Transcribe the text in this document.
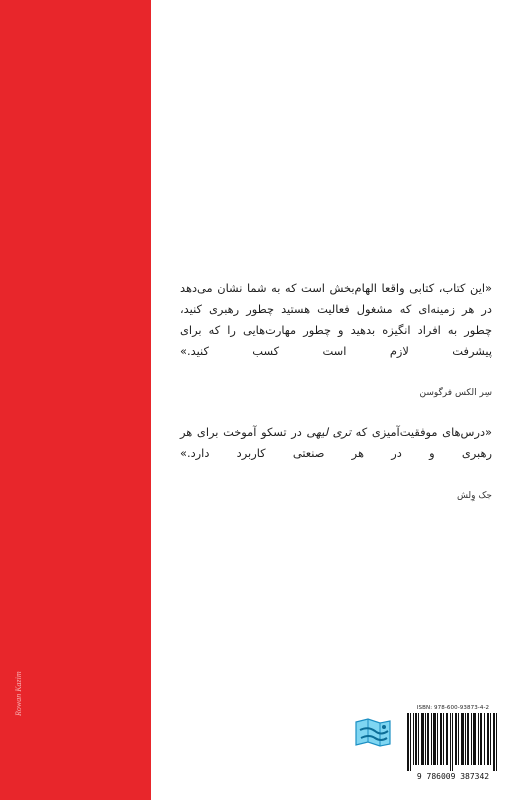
Rowan Kazim

«این کتاب، کتابی واقعا الهام‌بخش است که به شما نشان می‌دهد در هر زمینه‌ای که مشغول فعالیت هستید چطور رهبری کنید، چطور به افراد انگیزه بدهید و چطور مهارت‌هایی را که برای پیشرفت لازم است کسب کنید.»

سِر الکس فرگوسن

«درس‌های موفقیت‌آمیزی که تری لیهی در تسکو آموخت برای هر رهبری و در هر صنعتی کاربرد دارد.»

جک وِلش
ISBN: 978-600-93873-4-2
9 786009 387342
